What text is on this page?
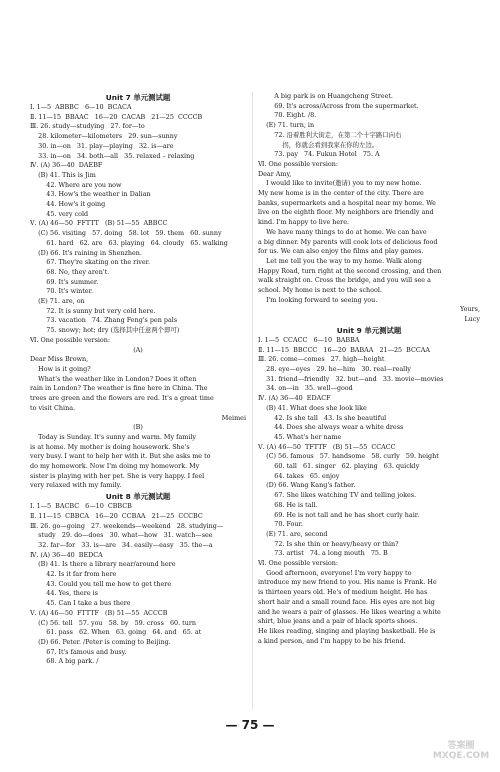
Unit 7 单元测试题
Ⅰ. 1—5  ABBBC   6—10  BCACA
Ⅱ. 11—15  BBAAC   16—20  CACAB   21—25  CCCCB
Ⅲ. 26. study—studying   27. for—to
28. kilometer—kilometers   29. sun—sunny
30. in—on   31. play—playing   32. is—are
33. in—on   34. both—all   35. relaxed – relaxing
Ⅳ. (A) 36—40  DAEBF
(B) 41. This is Jim
42. Where are you now
43. How's the weather in Dalian
44. How's it going
45. very cold
Ⅴ. (A) 46—50  FFTTT   (B) 51—55  ABBCC
(C) 56. visiting   57. doing   58. lot   59. them   60. sunny
61. hard   62. are   63. playing   64. cloudy   65. walking
(D) 66. It's raining in Shenzhen.
67. They're skating on the river.
68. No, they aren't.
69. It's summer.
70. It's winter.
(E) 71. are, on
72. It is sunny but very cold here.
73. vacation   74. Zhang Feng's pen pals
75. snowy; hot; dry (选择其中任意两个即可)
Ⅵ. One possible version:
(A)
Dear Miss Brown,
How is it going?
What's the weather like in London? Does it often
rain in London? The weather is fine here in China. The
trees are green and the flowers are red. It's a great time
to visit China.
Meimei
(B)
Today is Sunday. It's sunny and warm. My family
is at home. My mother is doing housework. She's
very busy. I want to help her with it. But she asks me to
do my homework. Now I'm doing my homework. My
sister is playing with her pet. She is very happy. I feel
very relaxed with my family.
Unit 8 单元测试题
Ⅰ. 1—5  BACBC   6—10  CBBCB
Ⅱ. 11—15  CBBCA   16—20  CCBAA   21—25  CCCBC
Ⅲ. 26. go—going   27. weekends—weekend   28. studying—
study   29. do—does   30. what—how   31. watch—see
32. far—for   33. is—are   34. easily—easy   35. the—a
Ⅳ. (A) 36—40  BEDCA
(B) 41. Is there a library near/around here
42. Is it far from here
43. Could you tell me how to get there
44. Yes, there is
45. Can I take a bus there
Ⅴ. (A) 46—50  FTTTF   (B) 51—55  ACCCB
(C) 56. tell   57. you   58. by   59. cross   60. turn
61. pass   62. When   63. going   64. and   65. at
(D) 66. Peter. /Peter is coming to Beijing.
67. It's famous and busy.
68. A big park. /
A big park is on Huangcheng Street.
69. It's across/Across from the supermarket.
70. Eight. /8.
(E) 71. turn, in
72. 沿着胜利大街走，在第二个十字路口向右
拐，你就会看到我家在你的左边。
73. pay   74. Fukun Hotel   75. A
Ⅵ. One possible version:
Dear Amy,
I would like to invite(邀请) you to my new home.
My new home is in the center of the city. There are
banks, supermarkets and a hospital near my home. We
live on the eighth floor. My neighbors are friendly and
kind. I'm happy to live here.
We have many things to do at home. We can have
a big dinner. My parents will cook lots of delicious food
for us. We can also enjoy the films and play games.
Let me tell you the way to my home. Walk along
Happy Road, turn right at the second crossing, and then
walk straight on. Cross the bridge, and you will see a
school. My home is next to the school.
I'm looking forward to seeing you.
Yours,
Lucy
Unit 9 单元测试题
Ⅰ. 1—5  CCACC   6—10  BABBA
Ⅱ. 11—15  BBCCC   16—20  BABAA   21—25  BCCAA
Ⅲ. 26. come—comes   27. high—height
28. eye—eyes   29. he—him   30. real—really
31. friend—friendly   32. but—and   33. movie—movies
34. on—in   35. well—good
Ⅳ. (A) 36—40  EDACF
(B) 41. What does she look like
42. Is she tall   43. Is she beautiful
44. Does she always wear a white dress
45. What's her name
Ⅴ. (A) 46—50  TFTTF   (B) 51—55  CCACC
(C) 56. famous   57. handsome   58. curly   59. height
60. tall   61. singer   62. playing   63. quickly
64. takes   65. enjoy
(D) 66. Wang Kang's father.
67. She likes watching TV and telling jokes.
68. He is tall.
69. He is not tall and he has short curly hair.
70. Four.
(E) 71. are, second
72. Is she thin or heavy/heavy or thin?
73. artist   74. a long mouth   75. B
Ⅵ. One possible version:
Good afternoon, everyone! I'm very happy to
introduce my new friend to you. His name is Frank. He
is thirteen years old. He's of medium height. He has
short hair and a small round face. His eyes are not big
and he wears a pair of glasses. He likes wearing a white
shirt, blue jeans and a pair of black sports shoes.
He likes reading, singing and playing basketball. He is
a kind person, and I'm happy to be his friend.
— 75 —
答案圈 MXQE.COM
